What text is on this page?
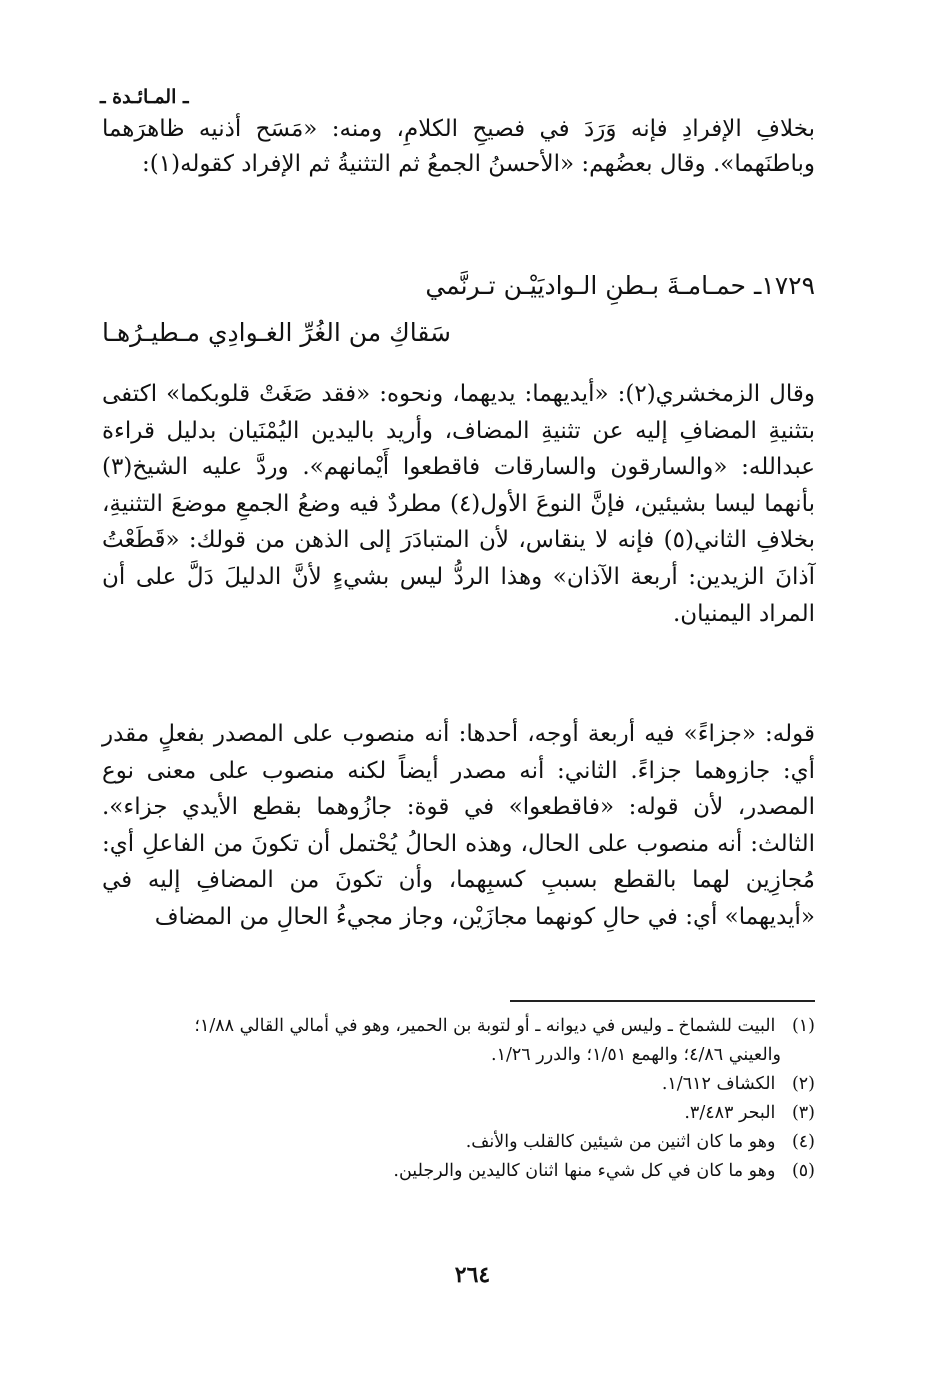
ـ المـائـدة ـ

بخلافِ الإفرادِ فإنه وَرَدَ في فصيحِ الكلامِ، ومنه: «مَسَح أذنيه ظاهرَهما وباطنَهما». وقال بعضُهم: «الأحسنُ الجمعُ ثم التثنيةُ ثم الإفراد كقوله(١):

١٧٢٩ـ حمـامـةَ بـطنِ الـواديَيْـن تـرنَّمي
سَقاكِ من الغُرِّ الغـوادِي مـطيـرُهـا

وقال الزمخشري(٢): «أيديهما: يديهما، ونحوه: «فقد صَغَتْ قلوبكما» اكتفى بتثنيةِ المضافِ إليه عن تثنيةِ المضاف، وأريد باليدين اليُمْنَيان بدليل قراءة عبدالله: «والسارقون والسارقات فاقطعوا أَيْمانهم». وردَّ عليه الشيخ(٣) بأنهما ليسا بشيئين، فإنَّ النوعَ الأول(٤) مطردٌ فيه وضعُ الجمعِ موضعَ التثنيةِ، بخلافِ الثاني(٥) فإنه لا ينقاس، لأن المتبادَرَ إلى الذهن من قولك: «قَطَعْتُ آذانَ الزيدين: أربعة الآذان» وهذا الردُّ ليس بشيءٍ لأنَّ الدليلَ دَلَّ على أن المراد اليمنيان.

قوله: «جزاءً» فيه أربعة أوجه، أحدها: أنه منصوب على المصدر بفعلٍ مقدر أي: جازوهما جزاءً. الثاني: أنه مصدر أيضاً لكنه منصوب على معنى نوع المصدر، لأن قوله: «فاقطعوا» في قوة: جازُوهما بقطع الأيدي جزاء». الثالث: أنه منصوب على الحال، وهذه الحالُ يُحْتمل أن تكونَ من الفاعلِ أي: مُجازِين لهما بالقطع بسببِ كسبِهما، وأن تكونَ من المضافِ إليه في «أيديهما» أي: في حالِ كونهما مجازَيْن، وجاز مجيءُ الحالِ من المضاف

(١) البيت للشماخ ـ وليس في ديوانه ـ أو لتوبة بن الحمير، وهو في أمالي القالي ١/٨٨؛

والعيني ٤/٨٦؛ والهمع ١/٥١؛ والدرر ١/٢٦.

(٢) الكشاف ١/٦١٢.

(٣) البحر ٣/٤٨٣.

(٤) وهو ما كان اثنين من شيئين كالقلب والأنف.

(٥) وهو ما كان في كل شيء منها اثنان كاليدين والرجلين.

٢٦٤
